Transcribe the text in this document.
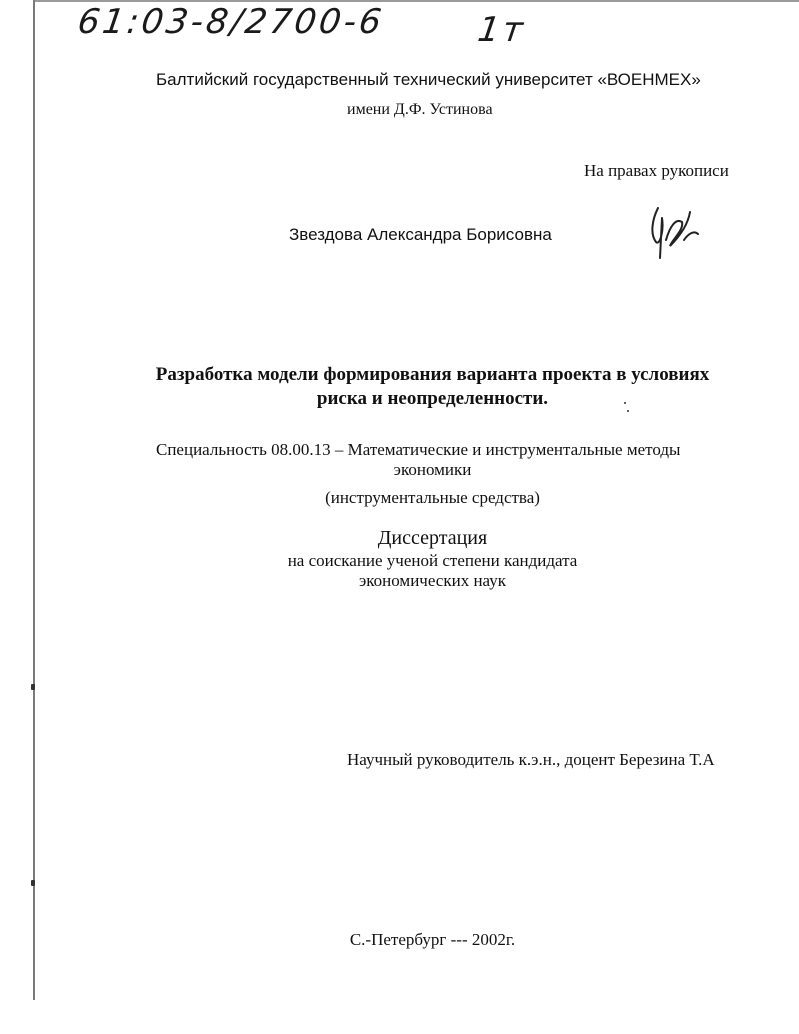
61:03-8/2700-6	1т

Балтийский государственный технический университет «ВОЕНМЕХ»

имени Д.Ф. Устинова

На правах рукописи

Звездова Александра Борисовна

Разработка модели формирования варианта проекта в условиях

риска и неопределенности.

Специальность 08.00.13 – Математические и инструментальные методы

экономики

(инструментальные средства)

Диссертация

на соискание ученой степени кандидата

экономических наук

Научный руководитель к.э.н., доцент Березина Т.А

С.-Петербург --- 2002г.
